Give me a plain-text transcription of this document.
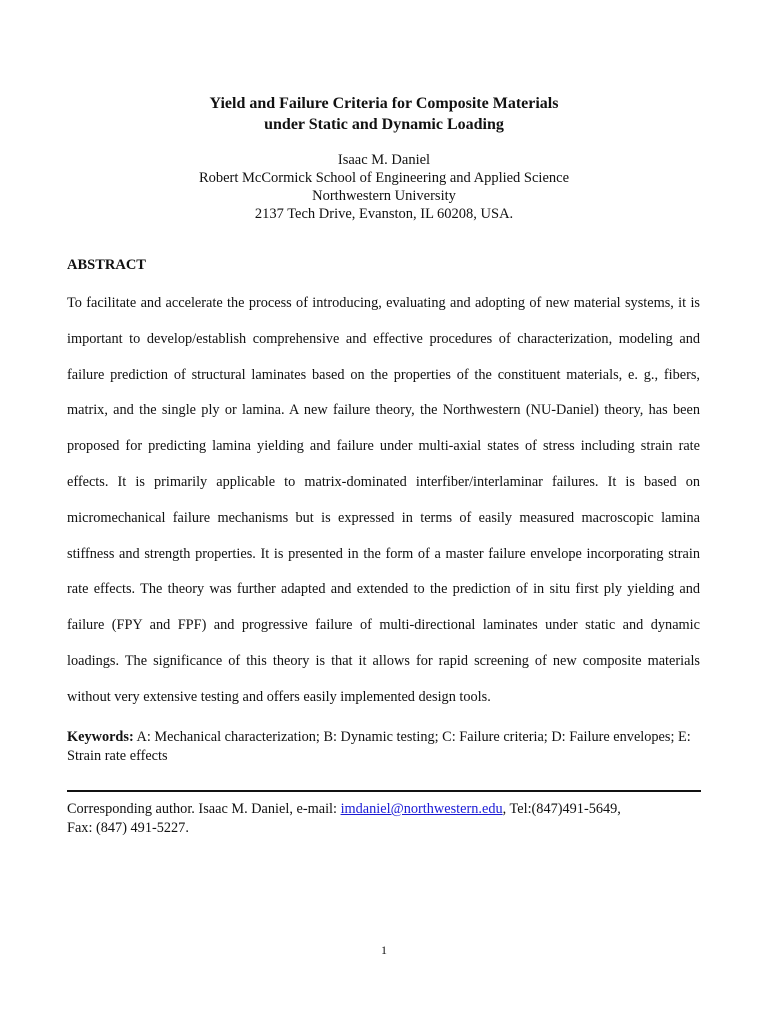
Yield and Failure Criteria for Composite Materials
under Static and Dynamic Loading
Isaac M. Daniel
Robert McCormick School of Engineering and Applied Science
Northwestern University
2137 Tech Drive, Evanston, IL 60208, USA.
ABSTRACT
To facilitate and accelerate the process of introducing, evaluating and adopting of new material systems, it is important to develop/establish comprehensive and effective procedures of characterization, modeling and failure prediction of structural laminates based on the properties of the constituent materials, e. g., fibers, matrix, and the single ply or lamina. A new failure theory, the Northwestern (NU-Daniel) theory, has been proposed for predicting lamina yielding and failure under multi-axial states of stress including strain rate effects. It is primarily applicable to matrix-dominated interfiber/interlaminar failures. It is based on micromechanical failure mechanisms but is expressed in terms of easily measured macroscopic lamina stiffness and strength properties. It is presented in the form of a master failure envelope incorporating strain rate effects. The theory was further adapted and extended to the prediction of in situ first ply yielding and failure (FPY and FPF) and progressive failure of multi-directional laminates under static and dynamic loadings. The significance of this theory is that it allows for rapid screening of new composite materials without very extensive testing and offers easily implemented design tools.
Keywords: A: Mechanical characterization; B: Dynamic testing; C: Failure criteria; D: Failure envelopes; E: Strain rate effects
Corresponding author. Isaac M. Daniel, e-mail: imdaniel@northwestern.edu, Tel:(847)491-5649,
Fax: (847) 491-5227.
1
